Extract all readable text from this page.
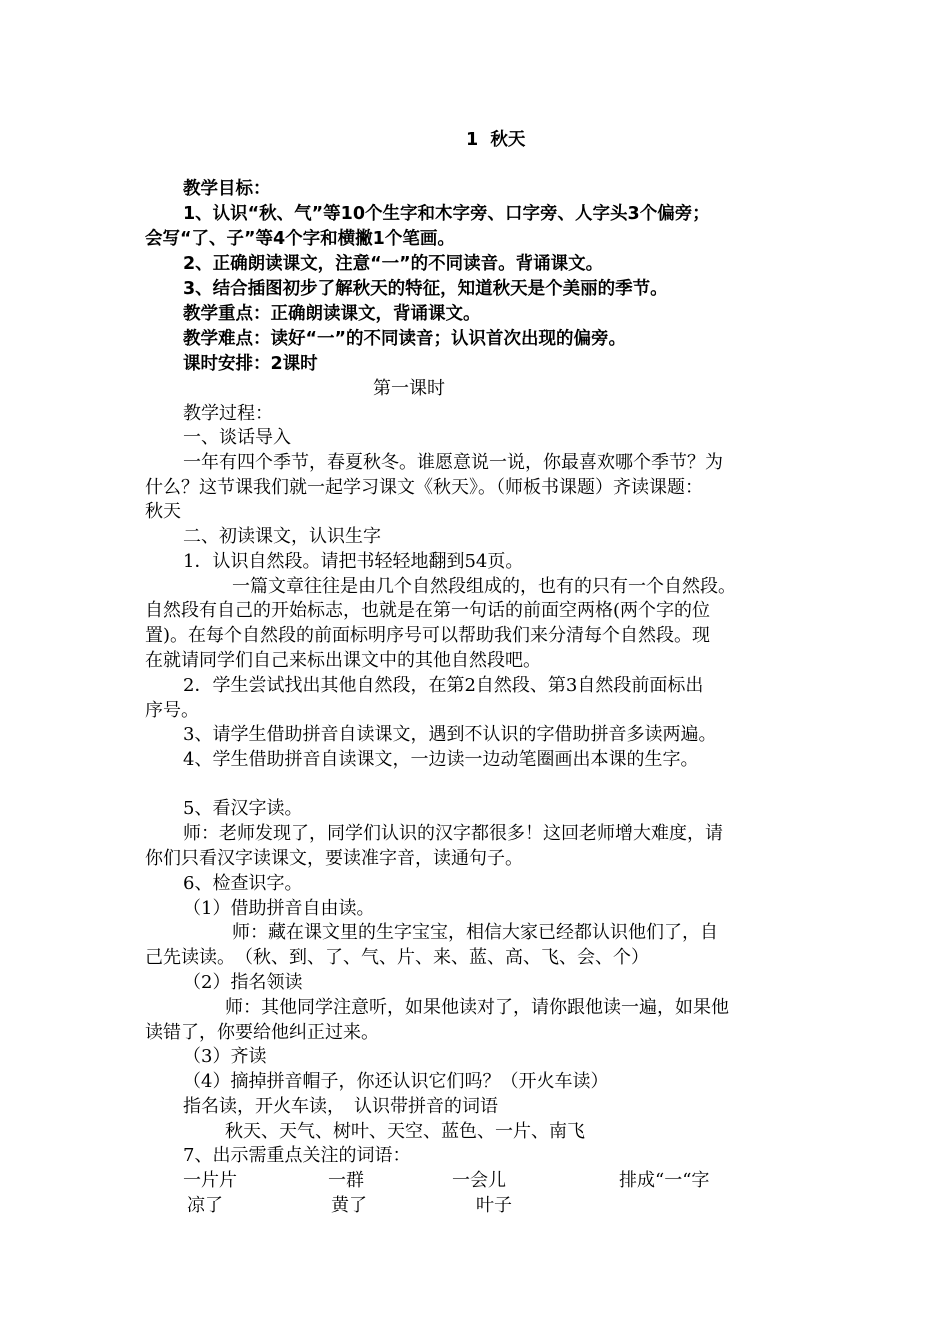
1  秋天
教学目标：
1、认识“秋、气”等10个生字和木字旁、口字旁、人字头3个偏旁；
会写“了、子”等4个字和横撇1个笔画。
2、正确朗读课文，注意“一”的不同读音。背诵课文。
3、结合插图初步了解秋天的特征，知道秋天是个美丽的季节。
教学重点：正确朗读课文，背诵课文。
教学难点：读好“一”的不同读音；认识首次出现的偏旁。
课时安排：2课时
第一课时
教学过程：
一、谈话导入
一年有四个季节，春夏秋冬。谁愿意说一说，你最喜欢哪个季节？为
什么？这节课我们就一起学习课文《秋天》。（师板书课题）齐读课题：
秋天
二、初读课文，认识生字
1．认识自然段。请把书轻轻地翻到54页。
一篇文章往往是由几个自然段组成的，也有的只有一个自然段。
自然段有自己的开始标志，也就是在第一句话的前面空两格(两个字的位
置)。在每个自然段的前面标明序号可以帮助我们来分清每个自然段。现
在就请同学们自己来标出课文中的其他自然段吧。
2．学生尝试找出其他自然段，在第2自然段、第3自然段前面标出
序号。
3、请学生借助拼音自读课文，遇到不认识的字借助拼音多读两遍。
4、学生借助拼音自读课文，一边读一边动笔圈画出本课的生字。
5、看汉字读。
师：老师发现了，同学们认识的汉字都很多！这回老师增大难度，请
你们只看汉字读课文，要读准字音，读通句子。
6、检查识字。
（1）借助拼音自由读。
师：藏在课文里的生字宝宝，相信大家已经都认识他们了，自
己先读读。　（秋、到、了、气、片、来、蓝、高、飞、会、个）
（2）指名领读
师：其他同学注意听，如果他读对了，请你跟他读一遍，如果他
读错了，你要给他纠正过来。
（3）齐读
（4）摘掉拼音帽子，你还认识它们吗？（开火车读）
指名读，开火车读，　认识带拼音的词语
秋天、天气、树叶、天空、蓝色、一片、南飞
7、出示需重点关注的词语：
一片片	一群	一会儿	排成“一“字
凉了	黄了	叶子
